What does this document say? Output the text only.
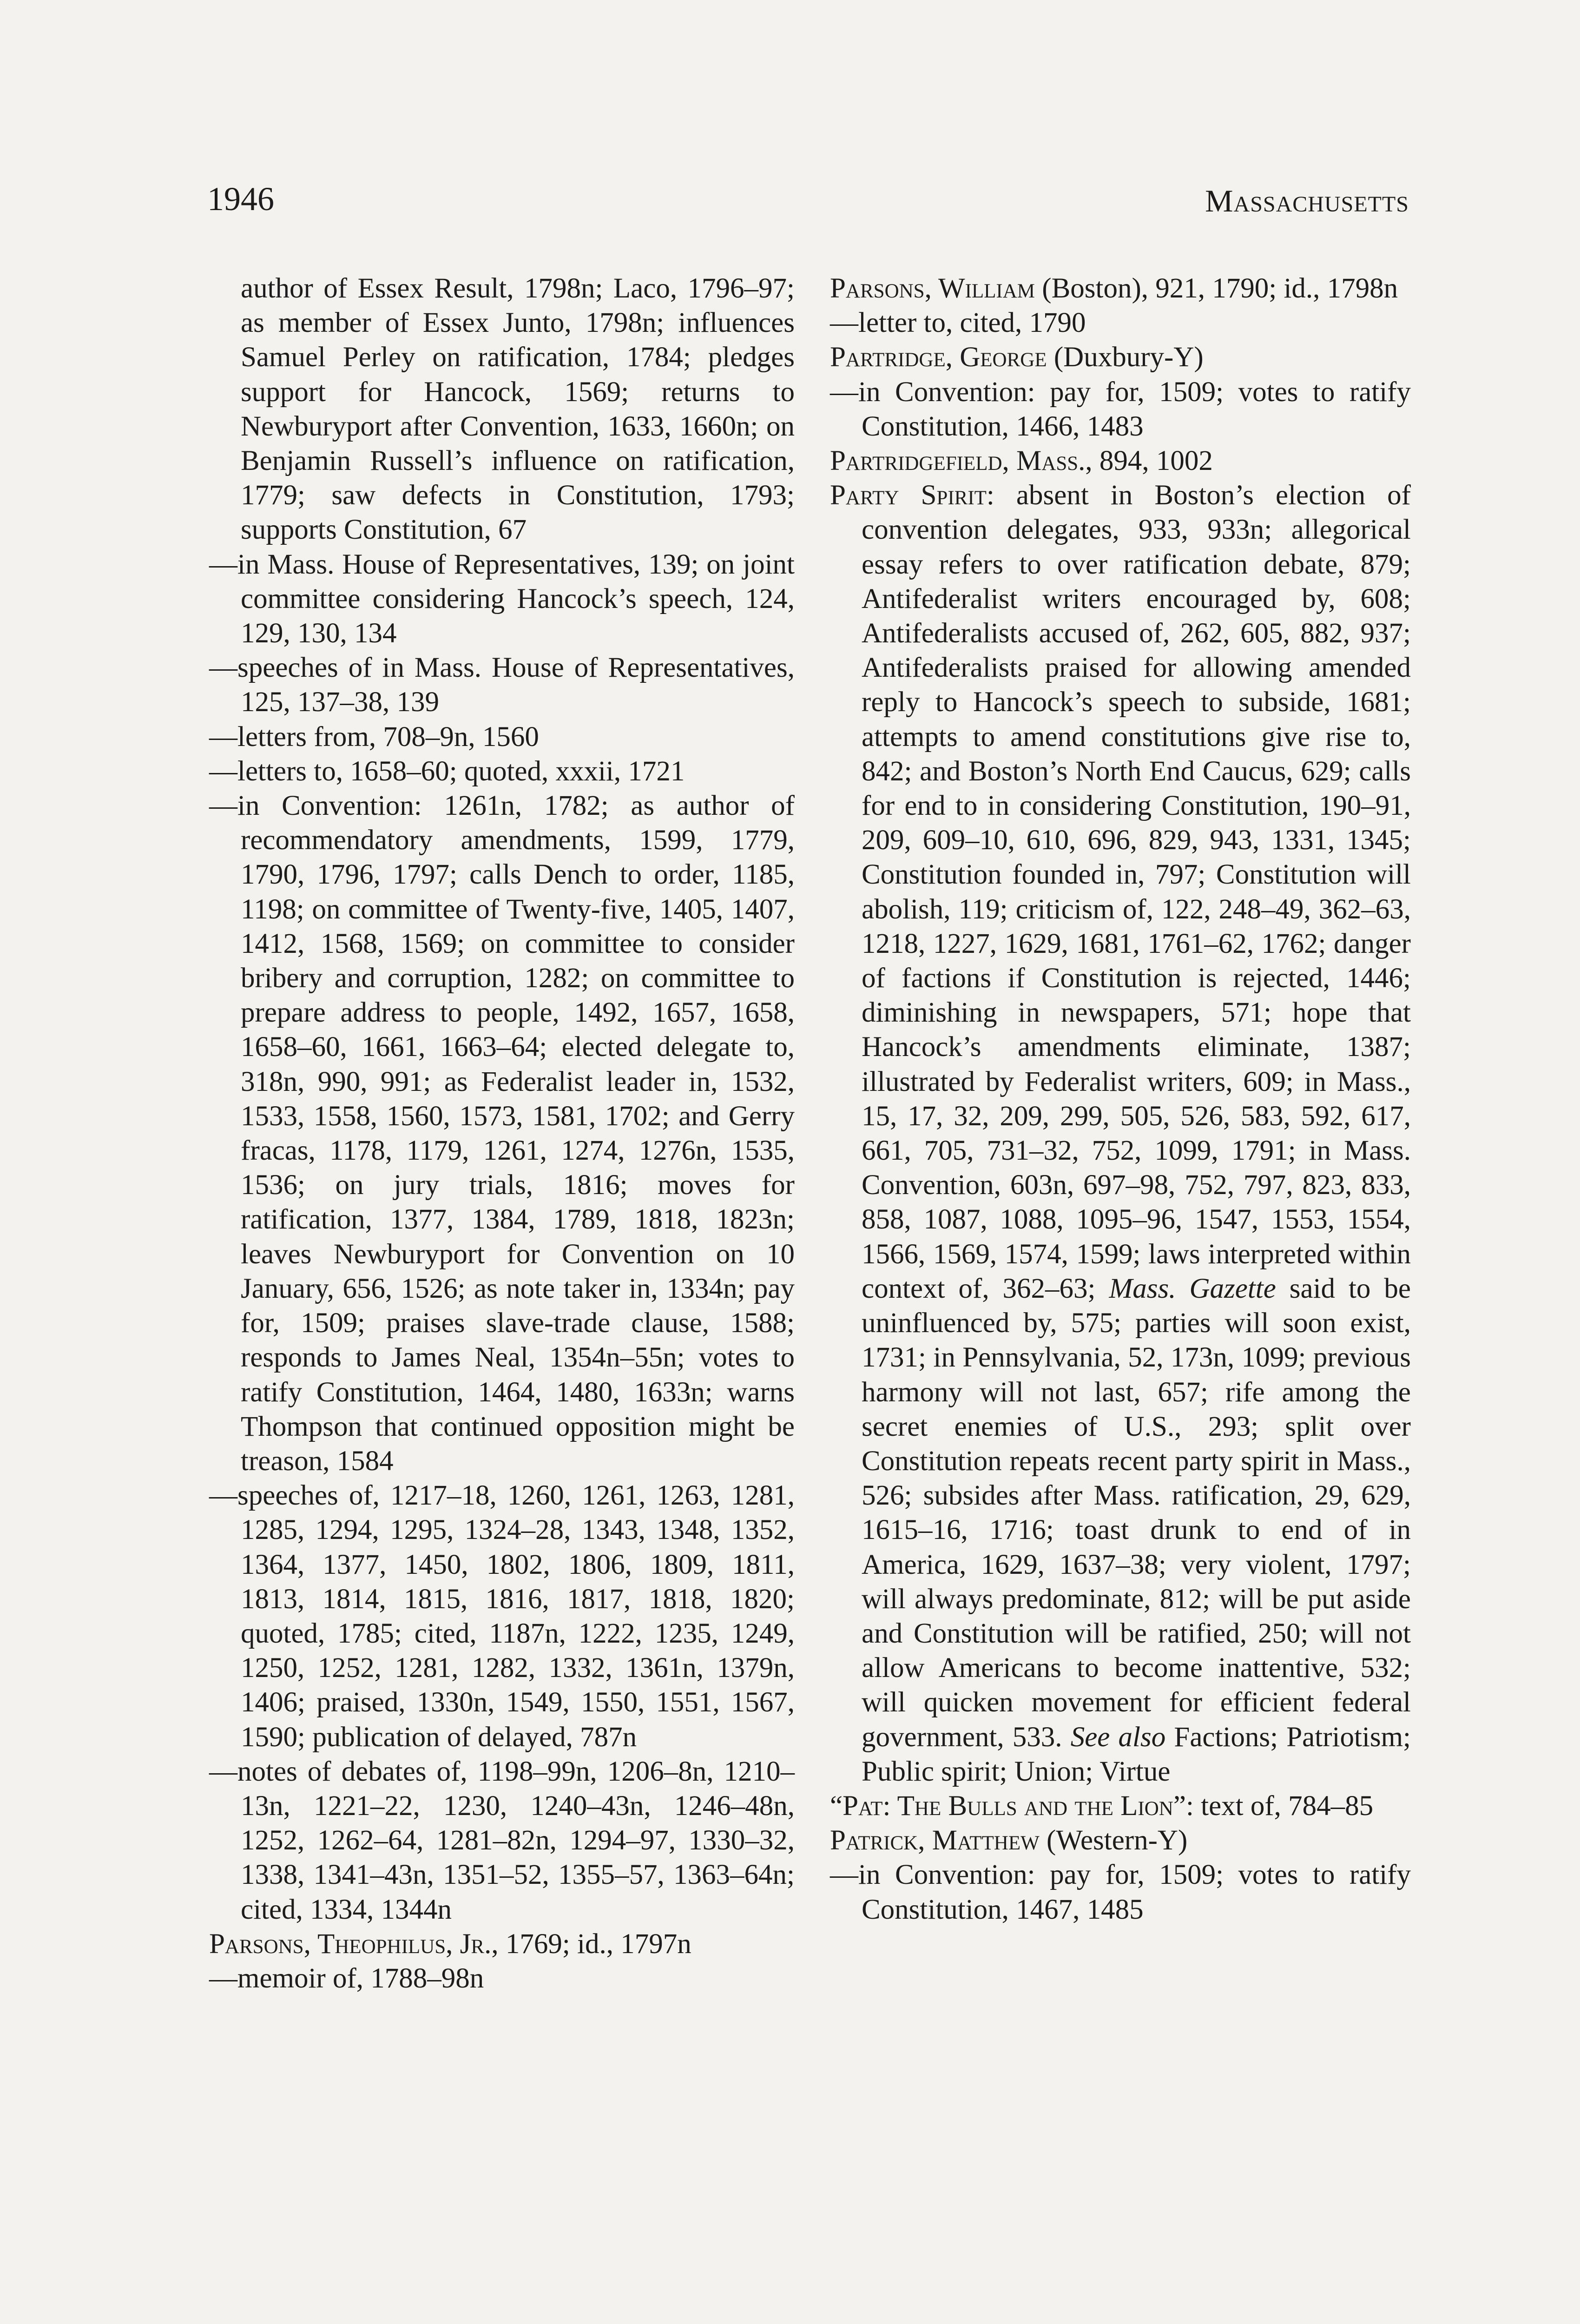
1946	Massachusetts

author of Essex Result, 1798n; Laco, 1796–97; as member of Essex Junto, 1798n; influences Samuel Perley on ratification, 1784; pledges support for Hancock, 1569; returns to Newburyport after Convention, 1633, 1660n; on Benjamin Russell’s influence on ratification, 1779; saw defects in Constitution, 1793; supports Constitution, 67

—in Mass. House of Representatives, 139; on joint committee considering Hancock’s speech, 124, 129, 130, 134

—speeches of in Mass. House of Representatives, 125, 137–38, 139

—letters from, 708–9n, 1560

—letters to, 1658–60; quoted, xxxii, 1721

—in Convention: 1261n, 1782; as author of recommendatory amendments, 1599, 1779, 1790, 1796, 1797; calls Dench to order, 1185, 1198; on committee of Twenty-five, 1405, 1407, 1412, 1568, 1569; on committee to consider bribery and corruption, 1282; on committee to prepare address to people, 1492, 1657, 1658, 1658–60, 1661, 1663–64; elected delegate to, 318n, 990, 991; as Federalist leader in, 1532, 1533, 1558, 1560, 1573, 1581, 1702; and Gerry fracas, 1178, 1179, 1261, 1274, 1276n, 1535, 1536; on jury trials, 1816; moves for ratification, 1377, 1384, 1789, 1818, 1823n; leaves Newburyport for Convention on 10 January, 656, 1526; as note taker in, 1334n; pay for, 1509; praises slave-trade clause, 1588; responds to James Neal, 1354n–55n; votes to ratify Constitution, 1464, 1480, 1633n; warns Thompson that continued opposition might be treason, 1584

—speeches of, 1217–18, 1260, 1261, 1263, 1281, 1285, 1294, 1295, 1324–28, 1343, 1348, 1352, 1364, 1377, 1450, 1802, 1806, 1809, 1811, 1813, 1814, 1815, 1816, 1817, 1818, 1820; quoted, 1785; cited, 1187n, 1222, 1235, 1249, 1250, 1252, 1281, 1282, 1332, 1361n, 1379n, 1406; praised, 1330n, 1549, 1550, 1551, 1567, 1590; publication of delayed, 787n

—notes of debates of, 1198–99n, 1206–8n, 1210–13n, 1221–22, 1230, 1240–43n, 1246–48n, 1252, 1262–64, 1281–82n, 1294–97, 1330–32, 1338, 1341–43n, 1351–52, 1355–57, 1363–64n; cited, 1334, 1344n

Parsons, Theophilus, Jr., 1769; id., 1797n

—memoir of, 1788–98n

Parsons, William (Boston), 921, 1790; id., 1798n

—letter to, cited, 1790

Partridge, George (Duxbury-Y)

—in Convention: pay for, 1509; votes to ratify Constitution, 1466, 1483

Partridgefield, Mass., 894, 1002

Party Spirit: absent in Boston’s election of convention delegates, 933, 933n; allegorical essay refers to over ratification debate, 879; Antifederalist writers encouraged by, 608; Antifederalists accused of, 262, 605, 882, 937; Antifederalists praised for allowing amended reply to Hancock’s speech to subside, 1681; attempts to amend constitutions give rise to, 842; and Boston’s North End Caucus, 629; calls for end to in considering Constitution, 190–91, 209, 609–10, 610, 696, 829, 943, 1331, 1345; Constitution founded in, 797; Constitution will abolish, 119; criticism of, 122, 248–49, 362–63, 1218, 1227, 1629, 1681, 1761–62, 1762; danger of factions if Constitution is rejected, 1446; diminishing in newspapers, 571; hope that Hancock’s amendments eliminate, 1387; illustrated by Federalist writers, 609; in Mass., 15, 17, 32, 209, 299, 505, 526, 583, 592, 617, 661, 705, 731–32, 752, 1099, 1791; in Mass. Convention, 603n, 697–98, 752, 797, 823, 833, 858, 1087, 1088, 1095–96, 1547, 1553, 1554, 1566, 1569, 1574, 1599; laws interpreted within context of, 362–63; Mass. Gazette said to be uninfluenced by, 575; parties will soon exist, 1731; in Pennsylvania, 52, 173n, 1099; previous harmony will not last, 657; rife among the secret enemies of U.S., 293; split over Constitution repeats recent party spirit in Mass., 526; subsides after Mass. ratification, 29, 629, 1615–16, 1716; toast drunk to end of in America, 1629, 1637–38; very violent, 1797; will always predominate, 812; will be put aside and Constitution will be ratified, 250; will not allow Americans to become inattentive, 532; will quicken movement for efficient federal government, 533. See also Factions; Patriotism; Public spirit; Union; Virtue

“Pat: The Bulls and the Lion”: text of, 784–85

Patrick, Matthew (Western-Y)

—in Convention: pay for, 1509; votes to ratify Constitution, 1467, 1485
